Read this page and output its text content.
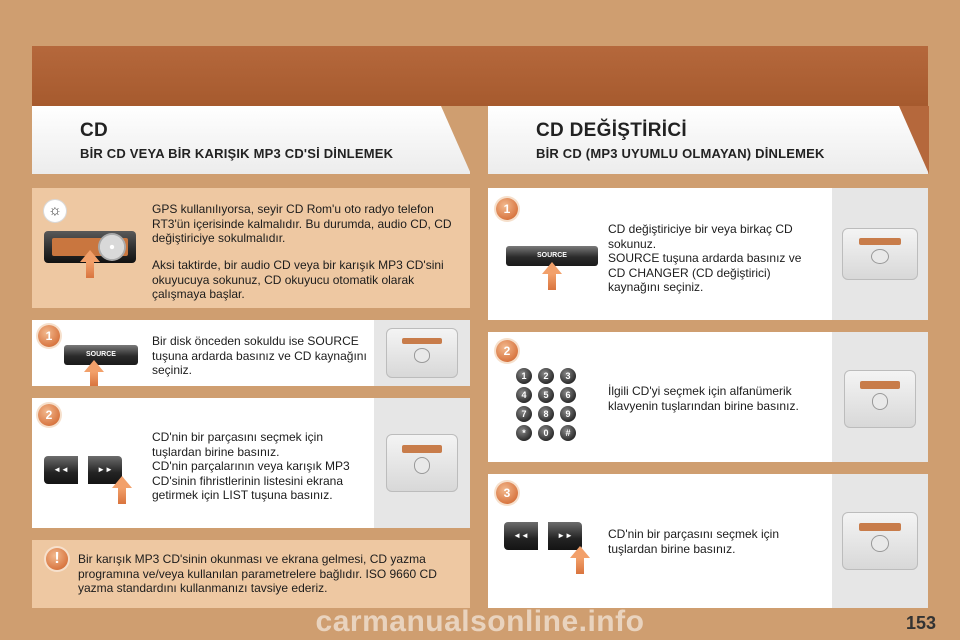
CD
BİR CD VEYA BİR KARIŞIK MP3 CD'Sİ DİNLEMEK
CD DEĞİŞTİRİCİ
BİR CD (MP3 UYUMLU OLMAYAN) DİNLEMEK
☼	GPS kullanılıyorsa, seyir CD Rom'u oto radyo telefon RT3'ün içerisinde kalmalıdır. Bu durumda, audio CD, CD değiştiriciye sokulmalıdır.
Aksi taktirde, bir audio CD veya bir karışık MP3 CD'sini okuyucuya sokunuz, CD okuyucu otomatik olarak çalışmaya başlar.
1
SOURCE
Bir disk önceden sokuldu ise SOURCE tuşuna ardarda basınız ve CD kaynağını seçiniz.
2
◄◄	►►
CD'nin bir parçasını seçmek için tuşlardan birine basınız.
CD'nin parçalarının veya karışık MP3 CD'sinin fihristlerinin listesini ekrana getirmek için LIST tuşuna basınız.
!	Bir karışık MP3 CD'sinin okunması ve ekrana gelmesi, CD yazma programına ve/veya kullanılan parametrelere bağlıdır. ISO 9660 CD yazma standardını kullanmanızı tavsiye ederiz.
1
SOURCE
CD değiştiriciye bir veya birkaç CD sokunuz.
SOURCE tuşuna ardarda basınız ve CD CHANGER (CD değiştirici) kaynağını seçiniz.
2
1	2	3
4	5	6
7	8	9
*	0	#
İlgili CD'yi seçmek için alfanümerik klavyenin tuşlarından birine basınız.
3
◄◄	►►	CD'nin bir parçasını seçmek için tuşlardan birine basınız.
153
carmanualsonline.info
